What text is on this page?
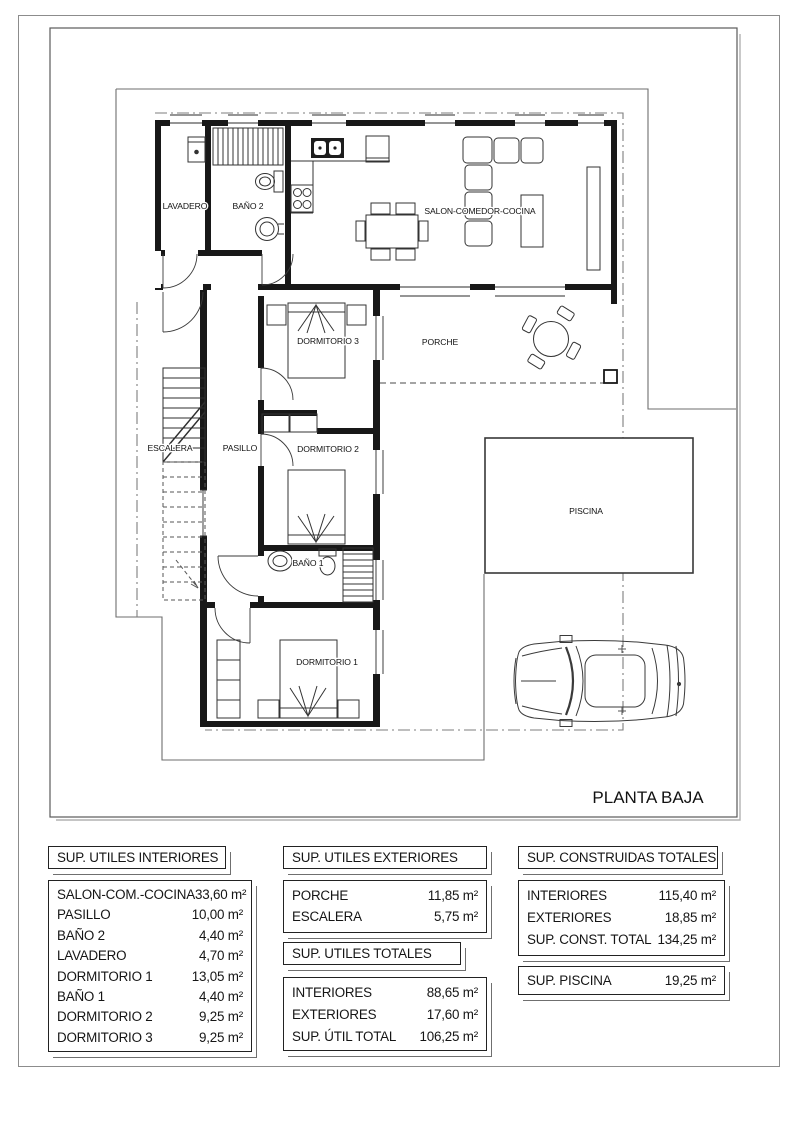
LAVADERO	BAÑO 2	SALON-COMEDOR-COCINA
DORMITORIO 3	PORCHE
ESCALERA	PASILLO	DORMITORIO 2
PISCINA
BAÑO 1
DORMITORIO 1
PLANTA BAJA
SUP. UTILES INTERIORES
SALON-COM.-COCINA 33,60 m²
PASILLO	10,00 m²
BAÑO 2	4,40 m²
LAVADERO	4,70 m²
DORMITORIO 1	13,05 m²
BAÑO 1	4,40 m²
DORMITORIO 2	9,25 m²
DORMITORIO 3	9,25 m²
SUP. UTILES EXTERIORES
PORCHE	11,85 m²
ESCALERA	5,75 m²
SUP. UTILES TOTALES
INTERIORES	88,65 m²
EXTERIORES	17,60 m²
SUP. ÚTIL TOTAL 106,25 m²
SUP. CONSTRUIDAS TOTALES
INTERIORES	115,40 m²
EXTERIORES	18,85 m²
SUP. CONST. TOTAL 134,25 m²
SUP. PISCINA	19,25 m²
